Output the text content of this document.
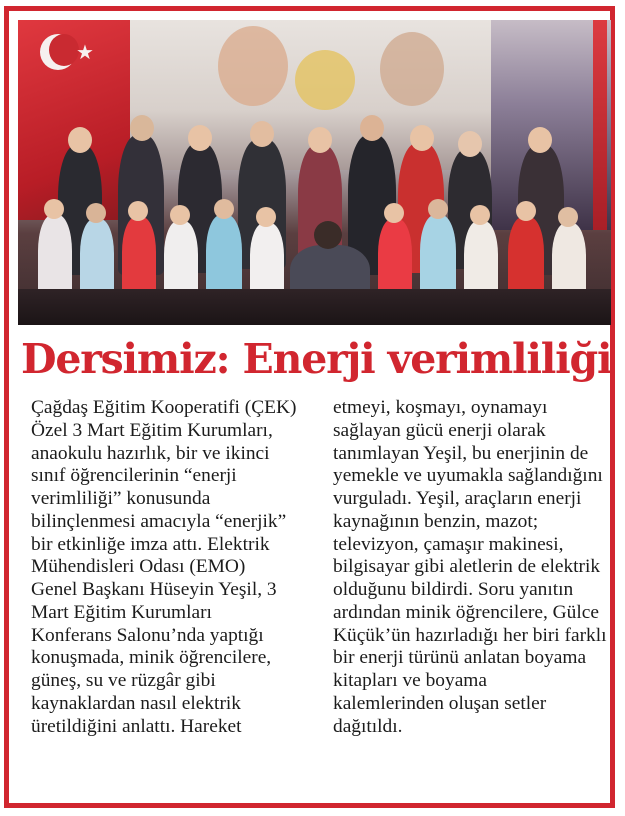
★
Dersimiz: Enerji verimliliği
Çağdaş Eğitim Kooperatifi (ÇEK)
Özel 3 Mart Eğitim Kurumları,
anaokulu hazırlık, bir ve ikinci
sınıf öğrencilerinin “enerji
verimliliği” konusunda
bilinçlenmesi amacıyla “enerjik”
bir etkinliğe imza attı. Elektrik
Mühendisleri Odası (EMO)
Genel Başkanı Hüseyin Yeşil, 3
Mart Eğitim Kurumları
Konferans Salonu’nda yaptığı
konuşmada, minik öğrencilere,
güneş, su ve rüzgâr gibi
kaynaklardan nasıl elektrik
üretildiğini anlattı. Hareket
etmeyi, koşmayı, oynamayı
sağlayan gücü enerji olarak
tanımlayan Yeşil, bu enerjinin de
yemekle ve uyumakla sağlandığını
vurguladı. Yeşil, araçların enerji
kaynağının benzin, mazot;
televizyon, çamaşır makinesi,
bilgisayar gibi aletlerin de elektrik
olduğunu bildirdi. Soru yanıtın
ardından minik öğrencilere, Gülce
Küçük’ün hazırladığı her biri farklı
bir enerji türünü anlatan boyama
kitapları ve boyama
kalemlerinden oluşan setler
dağıtıldı.
